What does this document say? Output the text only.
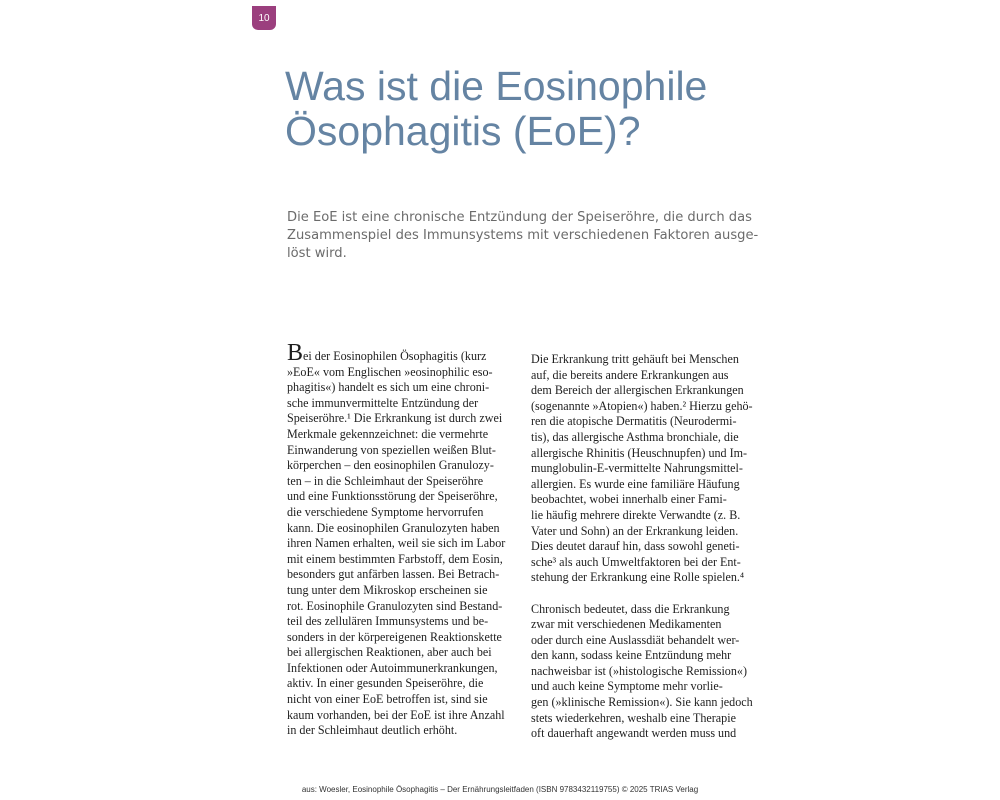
10
Was ist die Eosinophile
Ösophagitis (EoE)?

Die EoE ist eine chronische Entzündung der Speiseröhre, die durch das
Zusammenspiel des Immunsystems mit verschiedenen Faktoren ausge-
löst wird.

Bei der Eosinophilen Ösophagitis (kurz
»EoE« vom Englischen »eosinophilic eso-
phagitis«) handelt es sich um eine chroni-
sche immunvermittelte Entzündung der
Speiseröhre.¹ Die Erkrankung ist durch zwei
Merkmale gekennzeichnet: die vermehrte
Einwanderung von speziellen weißen Blut-
körperchen – den eosinophilen Granulozy-
ten – in die Schleimhaut der Speiseröhre
und eine Funktionsstörung der Speiseröhre,
die verschiedene Symptome hervorrufen
kann. Die eosinophilen Granulozyten haben
ihren Namen erhalten, weil sie sich im Labor
mit einem bestimmten Farbstoff, dem Eosin,
besonders gut anfärben lassen. Bei Betrach-
tung unter dem Mikroskop erscheinen sie
rot. Eosinophile Granulozyten sind Bestand-
teil des zellulären Immunsystems und be-
sonders in der körpereigenen Reaktionskette
bei allergischen Reaktionen, aber auch bei
Infektionen oder Autoimmunerkrankungen,
aktiv. In einer gesunden Speiseröhre, die
nicht von einer EoE betroffen ist, sind sie
kaum vorhanden, bei der EoE ist ihre Anzahl
in der Schleimhaut deutlich erhöht.
Die Erkrankung tritt gehäuft bei Menschen
auf, die bereits andere Erkrankungen aus
dem Bereich der allergischen Erkrankungen
(sogenannte »Atopien«) haben.² Hierzu gehö-
ren die atopische Dermatitis (Neurodermi-
tis), das allergische Asthma bronchiale, die
allergische Rhinitis (Heuschnupfen) und Im-
munglobulin-E-vermittelte Nahrungsmittel-
allergien. Es wurde eine familiäre Häufung
beobachtet, wobei innerhalb einer Fami-
lie häufig mehrere direkte Verwandte (z. B.
Vater und Sohn) an der Erkrankung leiden.
Dies deutet darauf hin, dass sowohl geneti-
sche³ als auch Umweltfaktoren bei der Ent-
stehung der Erkrankung eine Rolle spielen.⁴
Chronisch bedeutet, dass die Erkrankung
zwar mit verschiedenen Medikamenten
oder durch eine Auslassdiät behandelt wer-
den kann, sodass keine Entzündung mehr
nachweisbar ist (»histologische Remission«)
und auch keine Symptome mehr vorlie-
gen (»klinische Remission«). Sie kann jedoch
stets wiederkehren, weshalb eine Therapie
oft dauerhaft angewandt werden muss und
aus: Woesler, Eosinophile Ösophagitis – Der Ernährungsleitfaden (ISBN 9783432119755) © 2025 TRIAS Verlag
